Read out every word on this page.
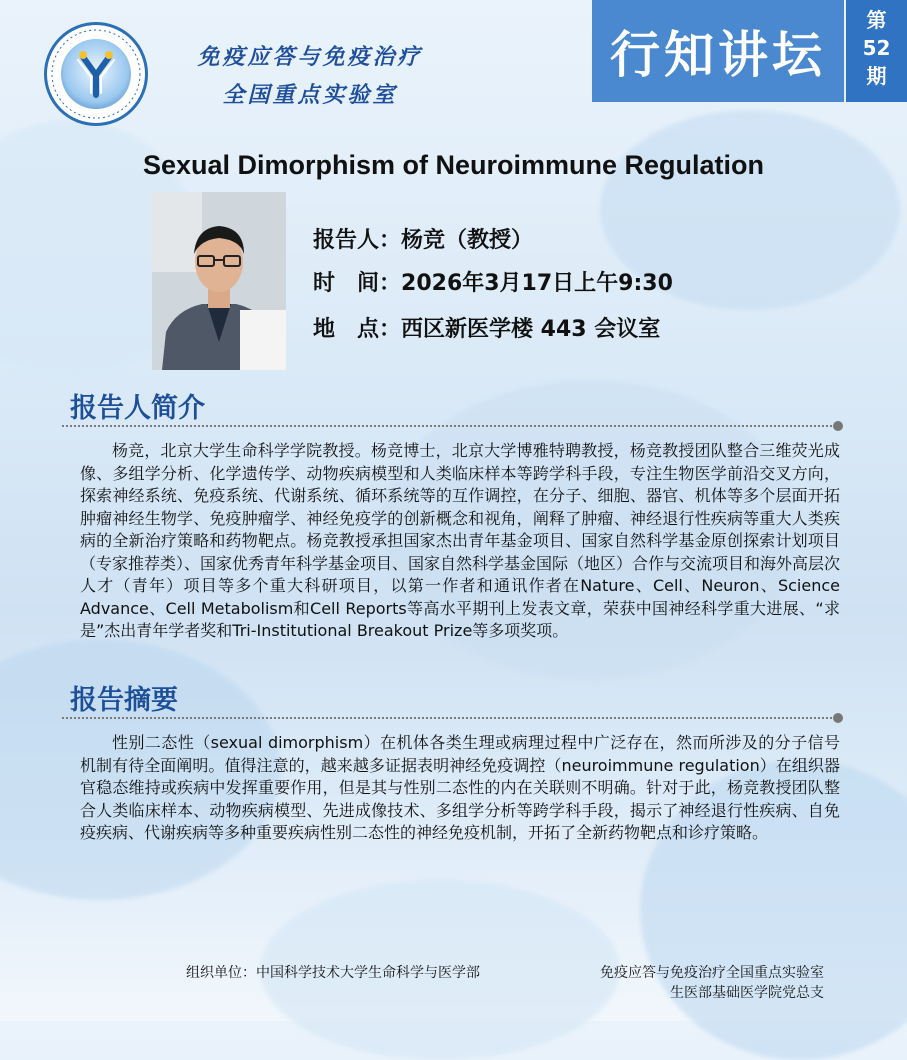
免疫应答与免疫治疗
全国重点实验室
行知讲坛
第
52
期
Sexual Dimorphism of Neuroimmune Regulation
报告人：杨竞（教授）
时　间：2026年3月17日上午9:30
地　点：西区新医学楼 443 会议室
报告人简介

杨竞，北京大学生命科学学院教授。杨竞博士，北京大学博雅特聘教授，杨竞教授团队整合三维荧光成像、多组学分析、化学遗传学、动物疾病模型和人类临床样本等跨学科手段，专注生物医学前沿交叉方向，探索神经系统、免疫系统、代谢系统、循环系统等的互作调控，在分子、细胞、器官、机体等多个层面开拓肿瘤神经生物学、免疫肿瘤学、神经免疫学的创新概念和视角，阐释了肿瘤、神经退行性疾病等重大人类疾病的全新治疗策略和药物靶点。杨竞教授承担国家杰出青年基金项目、国家自然科学基金原创探索计划项目（专家推荐类）、国家优秀青年科学基金项目、国家自然科学基金国际（地区）合作与交流项目和海外高层次人才（青年）项目等多个重大科研项目，以第一作者和通讯作者在Nature、Cell、Neuron、Science Advance、Cell Metabolism和Cell Reports等高水平期刊上发表文章，荣获中国神经科学重大进展、“求是”杰出青年学者奖和Tri-Institutional Breakout Prize等多项奖项。

报告摘要

性别二态性（sexual dimorphism）在机体各类生理或病理过程中广泛存在，然而所涉及的分子信号机制有待全面阐明。值得注意的，越来越多证据表明神经免疫调控（neuroimmune regulation）在组织器官稳态维持或疾病中发挥重要作用，但是其与性别二态性的内在关联则不明确。针对于此，杨竞教授团队整合人类临床样本、动物疾病模型、先进成像技术、多组学分析等跨学科手段，揭示了神经退行性疾病、自免疫疾病、代谢疾病等多种重要疾病性别二态性的神经免疫机制，开拓了全新药物靶点和诊疗策略。

组织单位：中国科学技术大学生命科学与医学部	免疫应答与免疫治疗全国重点实验室
生医部基础医学院党总支
